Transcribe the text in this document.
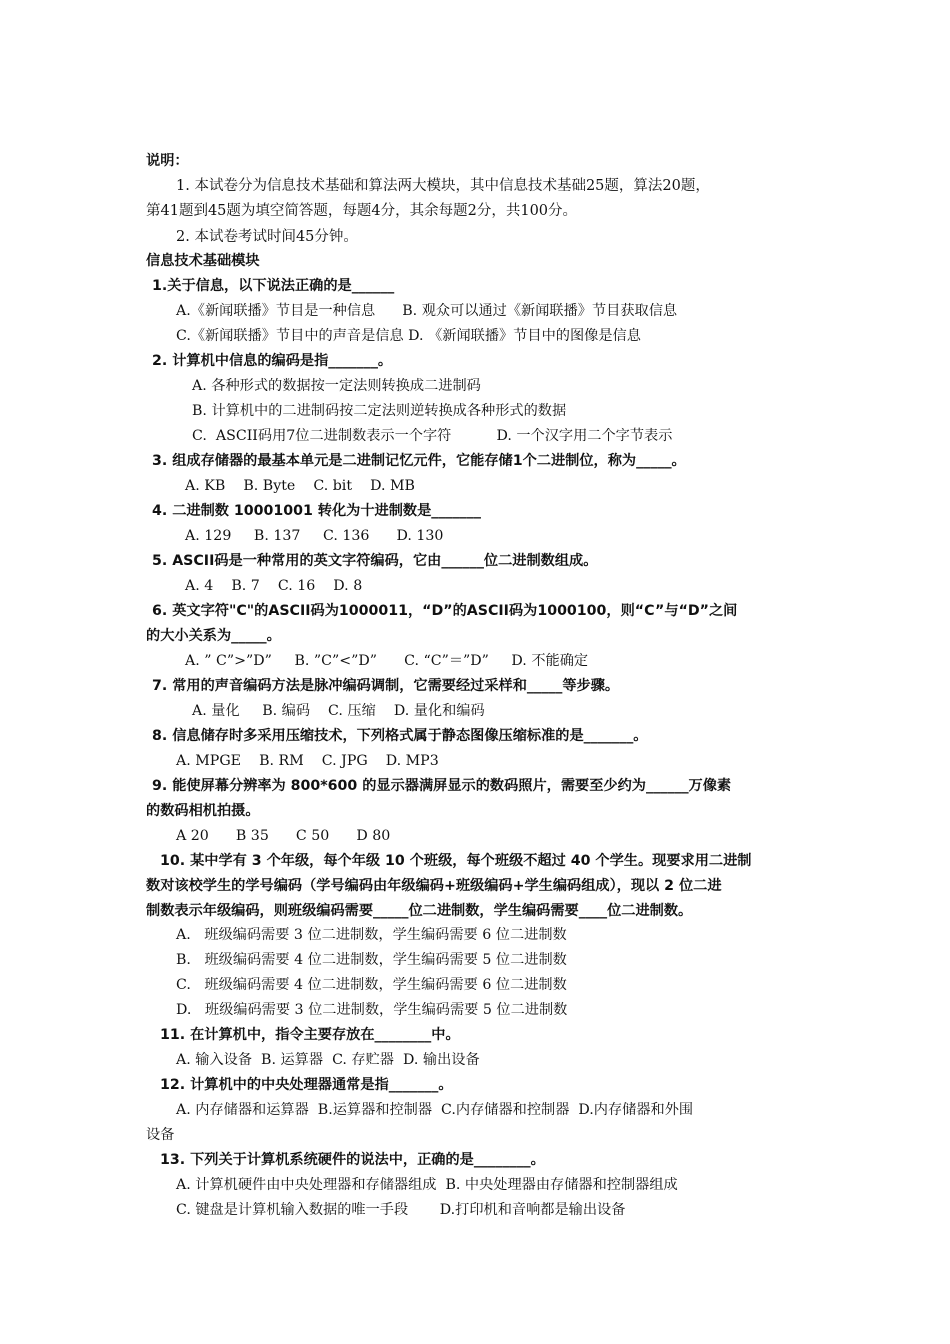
说明：
1. 本试卷分为信息技术基础和算法两大模块，其中信息技术基础25题，算法20题，
第41题到45题为填空简答题，每题4分，其余每题2分，共100分。
2. 本试卷考试时间45分钟。
信息技术基础模块
1.关于信息，以下说法正确的是______
A.《新闻联播》节目是一种信息      B. 观众可以通过《新闻联播》节目获取信息
C.《新闻联播》节目中的声音是信息 D. 《新闻联播》节目中的图像是信息
2. 计算机中信息的编码是指_______。
A. 各种形式的数据按一定法则转换成二进制码
B. 计算机中的二进制码按二定法则逆转换成各种形式的数据
C.  ASCII码用7位二进制数表示一个字符          D. 一个汉字用二个字节表示
3. 组成存储器的最基本单元是二进制记忆元件，它能存储1个二进制位，称为_____。
A. KB    B. Byte    C. bit    D. MB
4. 二进制数 10001001 转化为十进制数是_______
A. 129     B. 137     C. 136      D. 130
5. ASCII码是一种常用的英文字符编码，它由______位二进制数组成。
A. 4    B. 7    C. 16    D. 8
6. 英文字符"C"的ASCII码为1000011，“D”的ASCII码为1000100，则“C”与“D”之间
的大小关系为_____。
A. ” C”>”D”     B. ”C”<”D”      C. “C”＝”D”     D. 不能确定
7. 常用的声音编码方法是脉冲编码调制，它需要经过采样和_____等步骤。
A. 量化     B. 编码    C. 压缩    D. 量化和编码
8. 信息储存时多采用压缩技术，下列格式属于静态图像压缩标准的是_______。
A. MPGE    B. RM    C. JPG    D. MP3
9. 能使屏幕分辨率为 800*600 的显示器满屏显示的数码照片，需要至少约为______万像素
的数码相机拍摄。
A 20      B 35      C 50      D 80
10. 某中学有 3 个年级，每个年级 10 个班级，每个班级不超过 40 个学生。现要求用二进制
数对该校学生的学号编码（学号编码由年级编码+班级编码+学生编码组成），现以 2 位二进
制数表示年级编码，则班级编码需要_____位二进制数，学生编码需要____位二进制数。
A.   班级编码需要 3 位二进制数，学生编码需要 6 位二进制数
B.   班级编码需要 4 位二进制数，学生编码需要 5 位二进制数
C.   班级编码需要 4 位二进制数，学生编码需要 6 位二进制数
D.   班级编码需要 3 位二进制数，学生编码需要 5 位二进制数
11. 在计算机中，指令主要存放在________中。
A. 输入设备  B. 运算器  C. 存贮器  D. 输出设备
12. 计算机中的中央处理器通常是指_______。
A. 内存储器和运算器  B.运算器和控制器  C.内存储器和控制器  D.内存储器和外围
设备
13. 下列关于计算机系统硬件的说法中，正确的是________。
A. 计算机硬件由中央处理器和存储器组成  B. 中央处理器由存储器和控制器组成
C. 键盘是计算机输入数据的唯一手段       D.打印机和音响都是输出设备
